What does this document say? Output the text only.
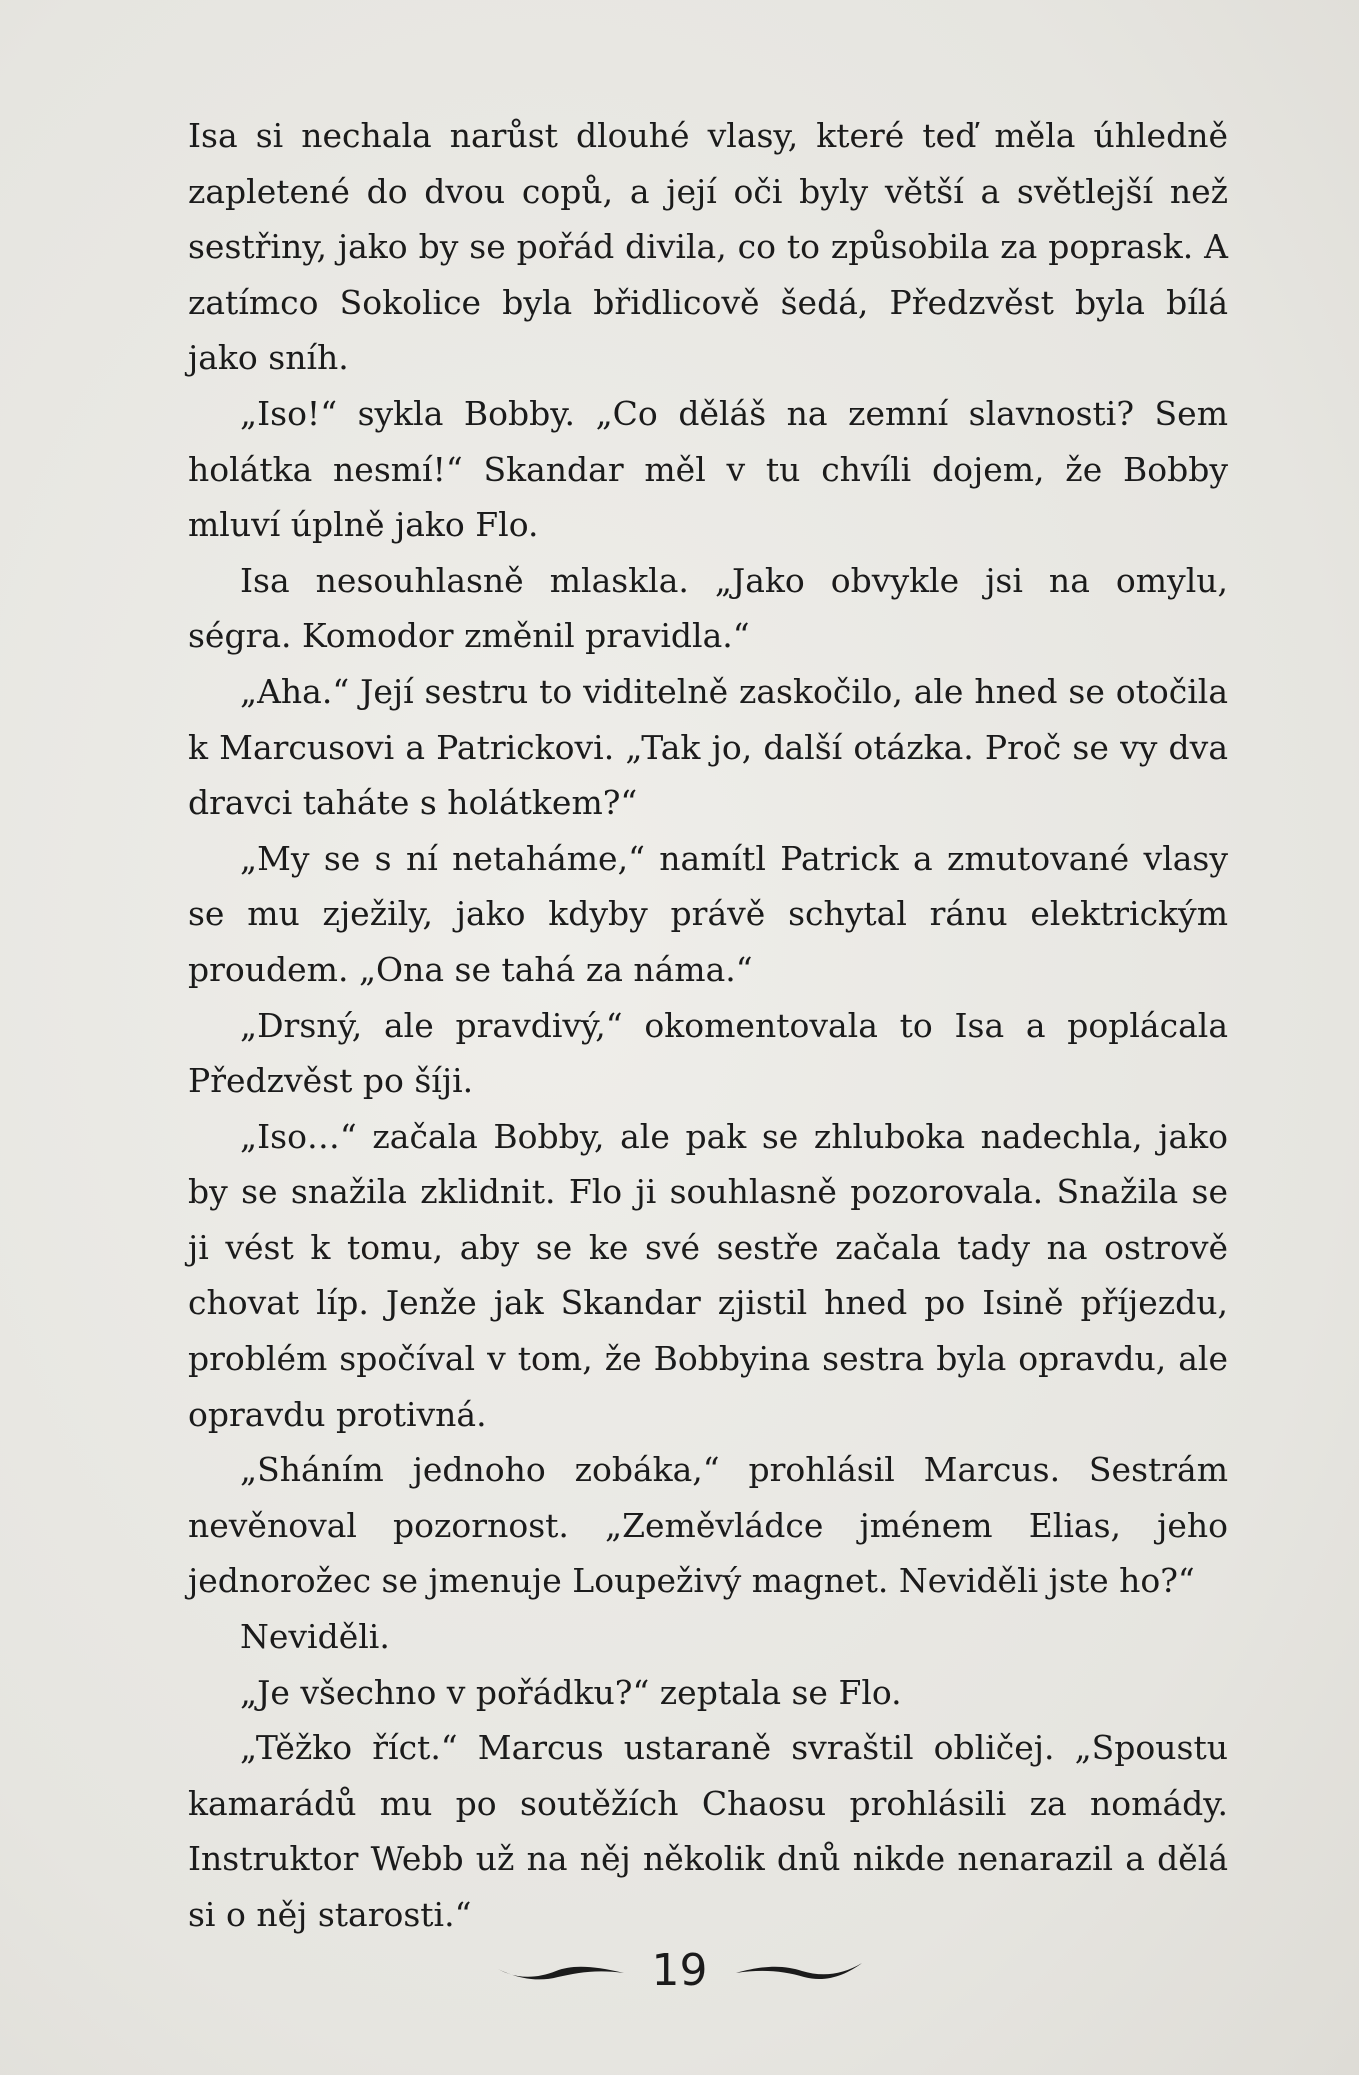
Isa si nechala narůst dlouhé vlasy, které teď měla úhledně zapletené do dvou copů, a její oči byly větší a světlejší než sestřiny, jako by se pořád divila, co to způsobila za poprask. A zatímco Sokolice byla břidlicově šedá, Předzvěst byla bílá jako sníh.

„Iso!“ sykla Bobby. „Co děláš na zemní slavnosti? Sem holátka nesmí!“ Skandar měl v tu chvíli dojem, že Bobby mluví úplně jako Flo.

Isa nesouhlasně mlaskla. „Jako obvykle jsi na omylu, ségra. Komodor změnil pravidla.“

„Aha.“ Její sestru to viditelně zaskočilo, ale hned se otočila k Marcusovi a Patrickovi. „Tak jo, další otázka. Proč se vy dva dravci taháte s holátkem?“

„My se s ní netaháme,“ namítl Patrick a zmutované vlasy se mu zježily, jako kdyby právě schytal ránu elektrickým proudem. „Ona se tahá za náma.“

„Drsný, ale pravdivý,“ okomentovala to Isa a poplácala Předzvěst po šíji.

„Iso…“ začala Bobby, ale pak se zhluboka nadechla, jako by se snažila zklidnit. Flo ji souhlasně pozorovala. Snažila se ji vést k tomu, aby se ke své sestře začala tady na ostrově chovat líp. Jenže jak Skandar zjistil hned po Isině příjezdu, problém spočíval v tom, že Bobbyina sestra byla opravdu, ale opravdu protivná.

„Sháním jednoho zobáka,“ prohlásil Marcus. Sestrám nevěnoval pozornost. „Zeměvládce jménem Elias, jeho jednorožec se jmenuje Loupeživý magnet. Neviděli jste ho?“

Neviděli.

„Je všechno v pořádku?“ zeptala se Flo.

„Těžko říct.“ Marcus ustaraně svraštil obličej. „Spoustu kamarádů mu po soutěžích Chaosu prohlásili za nomády. Instruktor Webb už na něj několik dnů nikde nenarazil a dělá si o něj starosti.“

19
